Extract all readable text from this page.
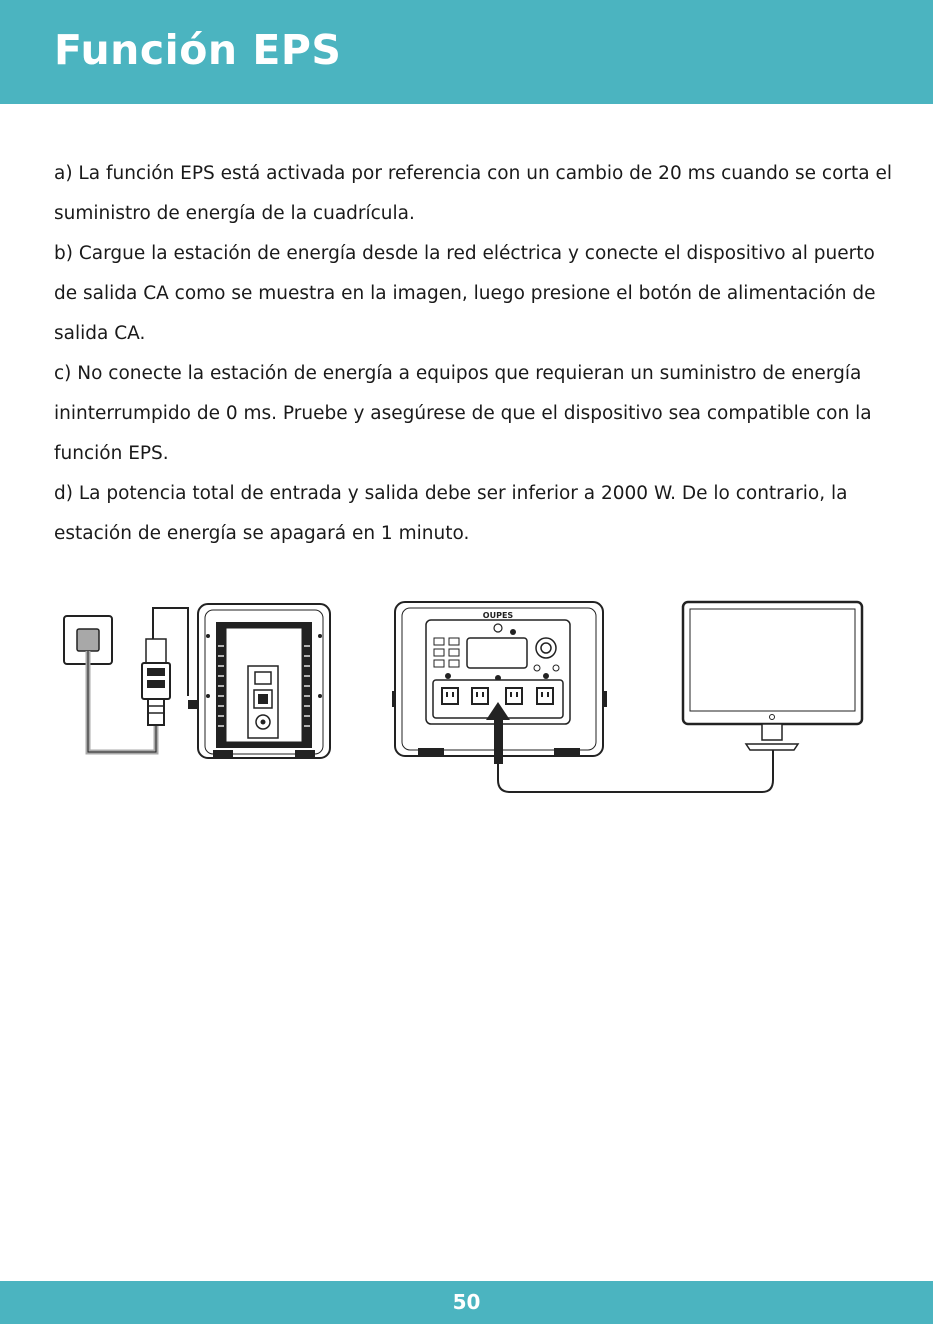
Función EPS

a) La función EPS está activada por referencia con un cambio de 20 ms cuando se corta el suministro de energía de la cuadrícula.

b) Cargue la estación de energía desde la red eléctrica y conecte el dispositivo al puerto de salida CA como se muestra en la imagen, luego presione el botón de alimentación de salida CA.

c) No conecte la estación de energía a equipos que requieran un suministro de energía ininterrumpido de 0 ms. Pruebe y asegúrese de que el dispositivo sea compatible con la función EPS.

d) La potencia total de entrada y salida debe ser inferior a 2000 W. De lo contrario, la estación de energía se apagará en 1 minuto.

OUPES
50
